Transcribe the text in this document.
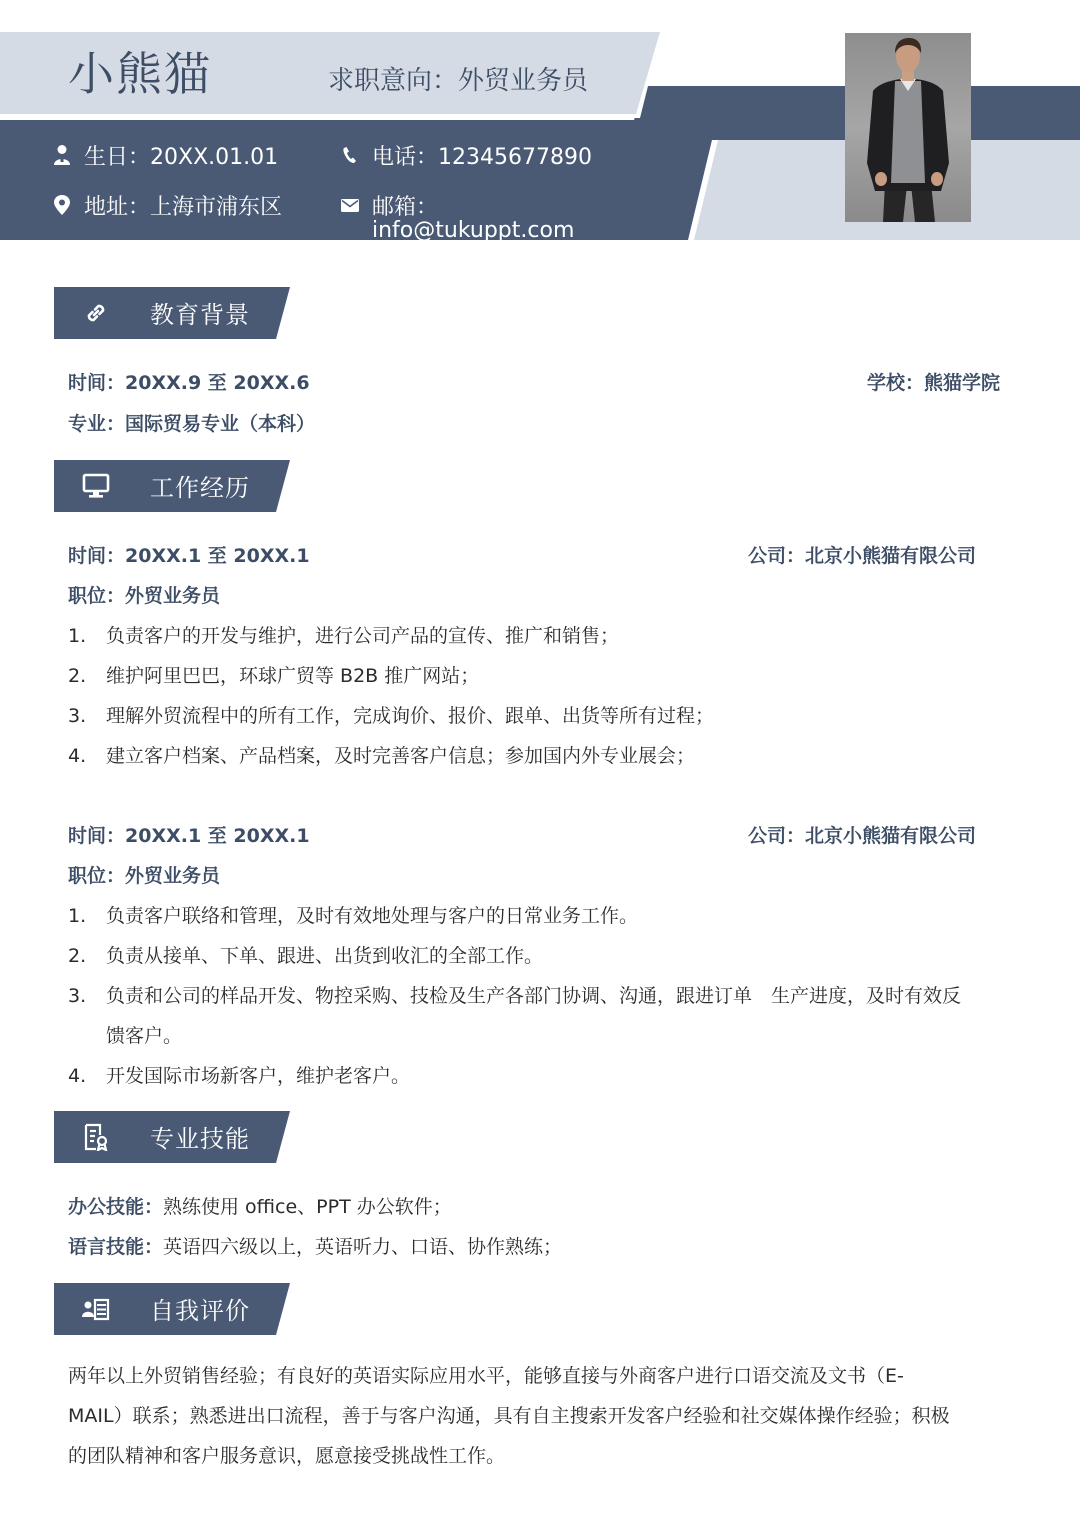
小熊猫	求职意向：外贸业务员
生日：20XX.01.01	电话：12345677890
地址：上海市浦东区	邮箱：
info@tukuppt.com
教育背景
时间：20XX.9 至 20XX.6	学校：熊猫学院
专业：国际贸易专业（本科）
工作经历
时间：20XX.1 至 20XX.1	公司：北京小熊猫有限公司
职位：外贸业务员
1. 负责客户的开发与维护，进行公司产品的宣传、推广和销售；
2. 维护阿里巴巴，环球广贸等 B2B 推广网站；
3. 理解外贸流程中的所有工作，完成询价、报价、跟单、出货等所有过程；
4. 建立客户档案、产品档案，及时完善客户信息；参加国内外专业展会；
时间：20XX.1 至 20XX.1	公司：北京小熊猫有限公司
职位：外贸业务员
1. 负责客户联络和管理，及时有效地处理与客户的日常业务工作。
2. 负责从接单、下单、跟进、出货到收汇的全部工作。
3. 负责和公司的样品开发、物控采购、技检及生产各部门协调、沟通，跟进订单　生产进度，及时有效反
馈客户。
4. 开发国际市场新客户，维护老客户。
专业技能
办公技能：熟练使用 office、PPT 办公软件；
语言技能：英语四六级以上，英语听力、口语、协作熟练；
自我评价
两年以上外贸销售经验；有良好的英语实际应用水平，能够直接与外商客户进行口语交流及文书（E-
MAIL）联系；熟悉进出口流程，善于与客户沟通，具有自主搜索开发客户经验和社交媒体操作经验；积极
的团队精神和客户服务意识，愿意接受挑战性工作。
